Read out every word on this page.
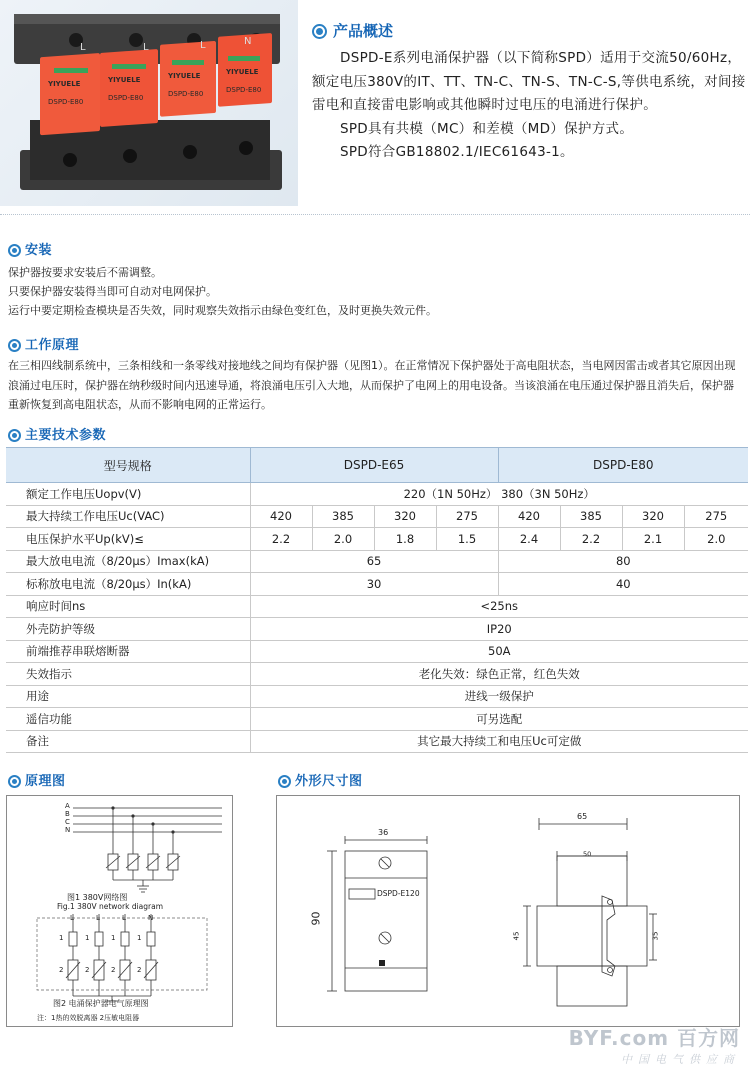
YIYUELE	YIYUELE	YIYUELE	YIYUELE
DSPD-E80	DSPD-E80	DSPD-E80	DSPD-E80
L	L	L	N
产品概述

DSPD-E系列电涌保护器（以下简称SPD）适用于交流50/60Hz，额定电压380V的IT、TT、TN-C、TN-S、TN-C-S,等供电系统，对间接雷电和直接雷电影响或其他瞬时过电压的电涌进行保护。

SPD具有共模（MC）和差模（MD）保护方式。

SPD符合GB18802.1/IEC61643-1。

安装
保护器按要求安装后不需调整。
只要保护器安装得当即可自动对电网保护。
运行中要定期检查模块是否失效，同时观察失效指示由绿色变红色，及时更换失效元件。
工作原理
在三相四线制系统中，三条相线和一条零线对接地线之间均有保护器（见图1）。在正常情况下保护器处于高电阻状态，当电网因雷击或者其它原因出现浪涌过电压时，保护器在纳秒级时间内迅速导通，将浪涌电压引入大地，从而保护了电网上的用电设备。当该浪涌在电压通过保护器且消失后，保护器重新恢复到高电阻状态，从而不影响电网的正常运行。
主要技术参数
型号规格	DSPD-E65				DSPD-E80			
额定工作电压Uopv(V)	220（1N 50Hz） 380（3N 50Hz）							
最大持续工作电压Uc(VAC)	420	385	320	275	420	385	320	275
电压保护水平Up(kV)≤	2.2	2.0	1.8	1.5	2.4	2.2	2.1	2.0
最大放电电流（8/20μs）Imax(kA)	65				80			
标称放电电流（8/20μs）In(kA)	30				40			
响应时间ns	<25ns							
外壳防护等级	IP20							
前端推荐串联熔断器	50A							
失效指示	老化失效：绿色正常，红色失效							
用途	进线一级保护							
遥信功能	可另选配							
备注	其它最大持续工和电压Uc可定做							
原理图
A
B
C
N
图1 380V网络图
Fig.1 380V network diagram
L	L	L	N
1	1	1	1
2	2	2	2
图2 电涌保护器电气原理图
注：1热的效脱离器 2压敏电阻器
外形尺寸图
36
90
DSPD-E120
65
50
45	35
BYF.com 百方网
中国电气供应商
